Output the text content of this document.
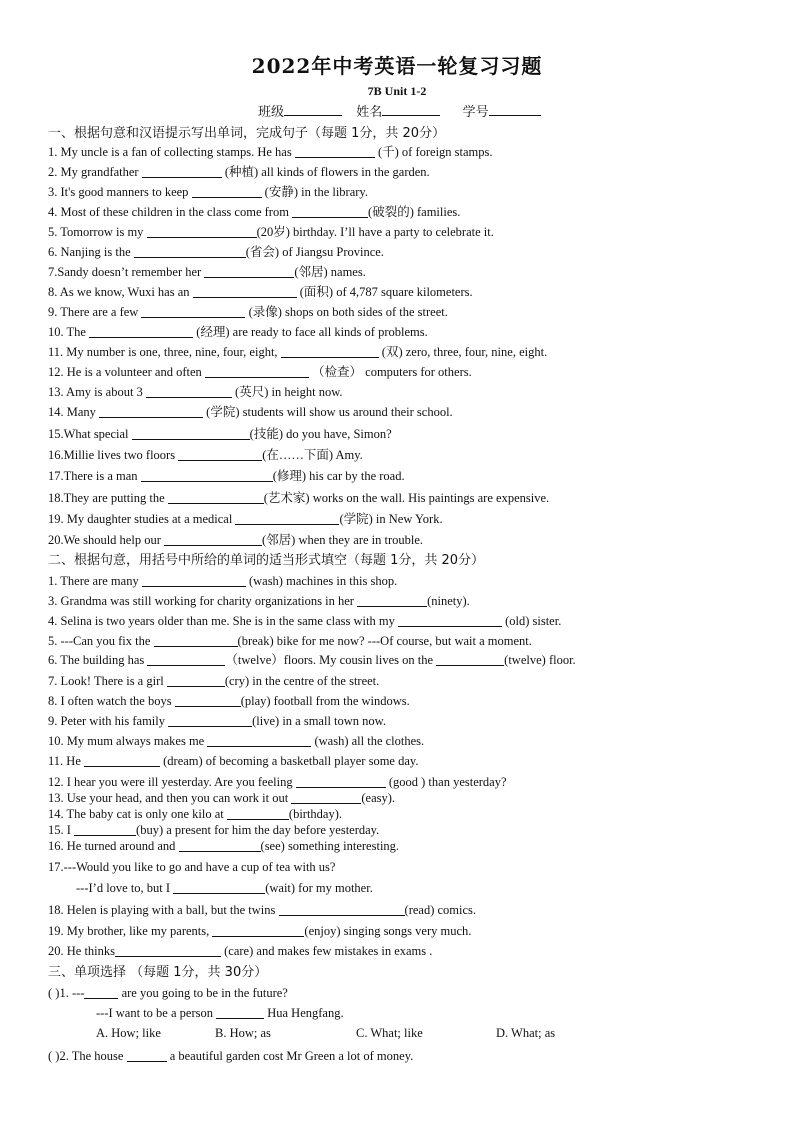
2022年中考英语一轮复习习题
7B Unit 1-2
班级	姓名	学号
一、根据句意和汉语提示写出单词，完成句子（每题 1分，共 20分）
1. My uncle is a fan of collecting stamps. He has	(千) of foreign stamps.
2. My grandfather	(种植) all kinds of flowers in the garden.
3. It's good manners to keep	(安静) in the library.
4. Most of these children in the class come from	(破裂的) families.
5. Tomorrow is my	(20岁) birthday. I’ll have a party to celebrate it.
6. Nanjing is the	(省会) of Jiangsu Province.
7.Sandy doesn’t remember her	(邻居) names.
8. As we know, Wuxi has an	(面积) of 4,787 square kilometers.
9. There are a few	(录像) shops on both sides of the street.
10. The	(经理) are ready to face all kinds of problems.
11. My number is one, three, nine, four, eight,	(双) zero, three, four, nine, eight.
12. He is a volunteer and often	（检查） computers for others.
13. Amy is about 3	(英尺) in height now.
14. Many	(学院) students will show us around their school.
15.What special	(技能) do you have, Simon?
16.Millie lives two floors	(在……下面) Amy.
17.There is a man	(修理) his car by the road.
18.They are putting the	(艺术家) works on the wall. His paintings are expensive.
19. My daughter studies at a medical	(学院) in New York.
20.We should help our	(邻居) when they are in trouble.
二、根据句意，用括号中所给的单词的适当形式填空（每题 1分，共 20分）
1. There are many	(wash) machines in this shop.
3. Grandma was still working for charity organizations in her	(ninety).
4. Selina is two years older than me. She is in the same class with my	(old) sister.
5. ---Can you fix the	(break) bike for me now? ---Of course, but wait a moment.
6. The building has	（twelve）floors. My cousin lives on the	(twelve) floor.
7. Look! There is a girl	(cry) in the centre of the street.
8. I often watch the boys	(play) football from the windows.
9. Peter with his family	(live) in a small town now.
10. My mum always makes me	(wash) all the clothes.
11. He	(dream) of becoming a basketball player some day.
12. I hear you were ill yesterday. Are you feeling	(good ) than yesterday?
13. Use your head, and then you can work it out	(easy).
14. The baby cat is only one kilo at	(birthday).
15. I	(buy) a present for him the day before yesterday.
16. He turned around and	(see) something interesting.
17.---Would you like to go and have a cup of tea with us?
---I’d love to, but I	(wait) for my mother.
18. Helen is playing with a ball, but the twins	(read) comics.
19. My brother, like my parents,	(enjoy) singing songs very much.
20. He thinks	(care) and makes few mistakes in exams .
三、单项选择 （每题 1分，共 30分）
( )1. ---	are you going to be in the future?
---I want to be a person	Hua Hengfang.
A. How; like	B. How; as	C. What; like	D. What; as
( )2. The house	a beautiful garden cost Mr Green a lot of money.
